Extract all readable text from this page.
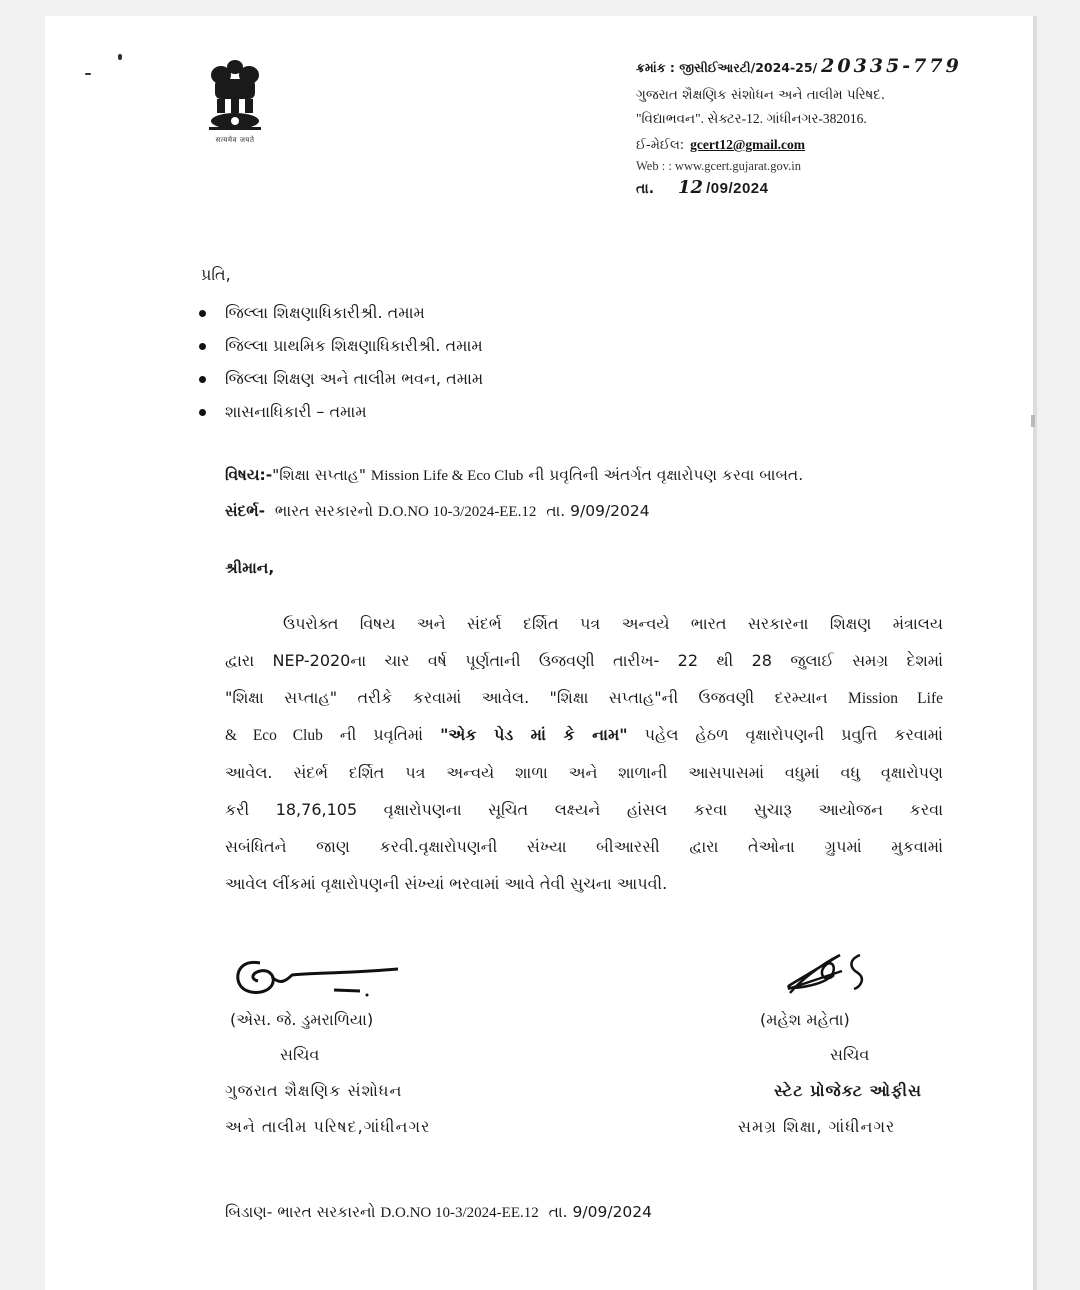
सत्यमेव जयते
ક્રમાંક : જીસીઈઆરટી/2024-25/ 20335-779
ગુજરાત શૈક્ષણિક સંશોધન અને તાલીમ પરિષદ.
"વિદ્યાભવન". સેક્ટર-12. ગાંધીનગર-382016.
ઈ-મેઈલ: gcert12@gmail.com
Web : : www.gcert.gujarat.gov.in
તા. 12 /09/2024
પ્રતિ,
જિલ્લા શિક્ષણાધિકારીશ્રી. તમામ
જિલ્લા પ્રાથમિક શિક્ષણાધિકારીશ્રી. તમામ
જિલ્લા શિક્ષણ અને તાલીમ ભવન, તમામ
શાસનાધિકારી – તમામ
વિષય:-"શિક્ષા સપ્તાહ" Mission Life & Eco Club ની પ્રવૃતિની અંતર્ગત વૃક્ષારોપણ કરવા બાબત.
સંદર્ભ- ભારત સરકારનો D.O.NO 10-3/2024-EE.12 તા. 9/09/2024
શ્રીમાન,
ઉપરોક્ત વિષય અને સંદર્ભ દર્શિત પત્ર અન્વયે ભારત સરકારના શિક્ષણ મંત્રાલય
દ્વારા NEP-2020ના ચાર વર્ષ પૂર્ણતાની ઉજવણી તારીખ- 22 થી 28 જુલાઈ સમગ્ર દેશમાં
"શિક્ષા સપ્તાહ" તરીકે કરવામાં આવેલ. "શિક્ષા સપ્તાહ"ની ઉજવણી દરમ્યાન Mission Life
& Eco Club ની પ્રવૃતિમાં "એક પેડ માં કે નામ" પહેલ હેઠળ વૃક્ષારોપણની પ્રવુત્તિ કરવામાં
આવેલ. સંદર્ભ દર્શિત પત્ર અન્વયે શાળા અને શાળાની આસપાસમાં વધુમાં વધુ વૃક્ષારોપણ
કરી 18,76,105 વૃક્ષારોપણના સૂચિત લક્ષ્યને હાંસલ કરવા સુચારૂ આયોજન કરવા
સબંધિતને જાણ કરવી.વૃક્ષારોપણની સંખ્યા બીઆરસી દ્વારા તેઓના ગ્રુપમાં મુકવામાં
આવેલ લીંકમાં વૃક્ષારોપણની સંખ્યાં ભરવામાં આવે તેવી સુચના આપવી.
(એસ. જે. ડુમરાળિયા)
સચિવ
ગુજરાત શૈક્ષણિક સંશોધન
અને તાલીમ પરિષદ,ગાંધીનગર
(મહેશ મહેતા)
સચિવ
સ્ટેટ પ્રોજેક્ટ ઓફીસ
સમગ્ર શિક્ષા, ગાંધીનગર
બિડાણ- ભારત સરકારનો D.O.NO 10-3/2024-EE.12 તા. 9/09/2024
